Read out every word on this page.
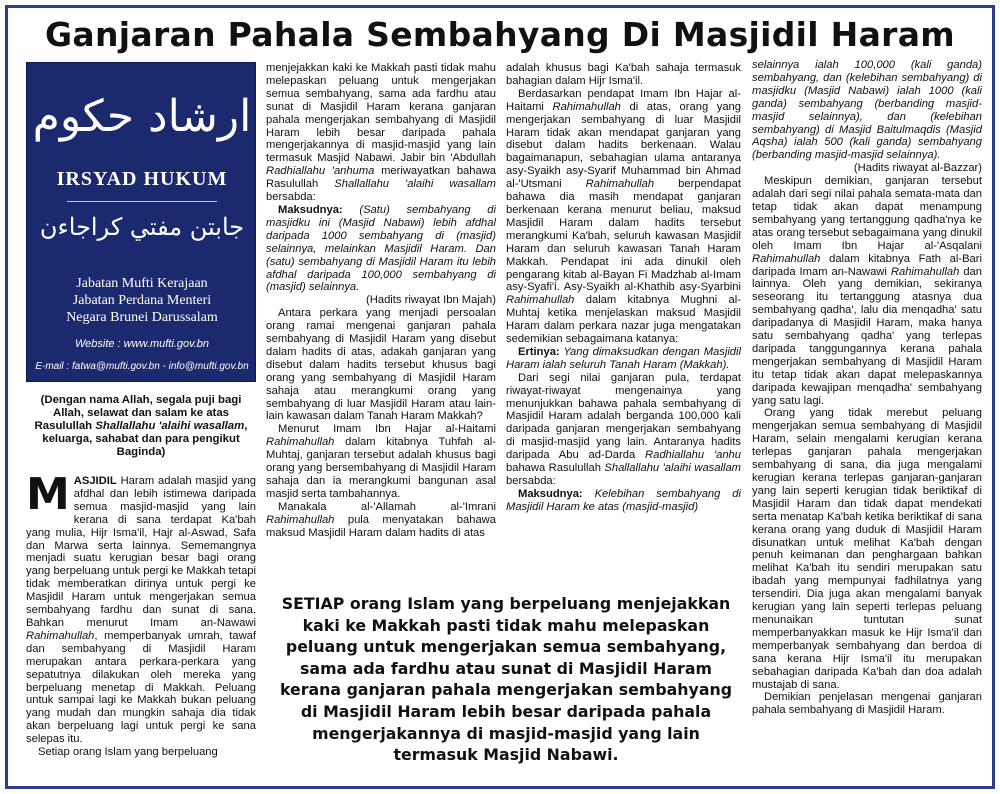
Ganjaran Pahala Sembahyang Di Masjidil Haram
ارشاد حكوم
IRSYAD HUKUM
جابتن مفتي كراجاءن
Jabatan Mufti Kerajaan
Jabatan Perdana Menteri
Negara Brunei Darussalam
Website : www.mufti.gov.bn
E-mail : fatwa@mufti.gov.bn - info@mufti.gov.bn
(Dengan nama Allah, segala puji bagi Allah, selawat dan salam ke atas Rasulullah Shallallahu 'alaihi wasallam, keluarga, sahabat dan para pengikut Baginda)

MASJIDIL Haram adalah masjid yang afdhal dan lebih istimewa daripada semua masjid-masjid yang lain kerana di sana terdapat Ka'bah yang mulia, Hijr Isma'il, Hajr al-Aswad, Safa dan Marwa serta lainnya. Sememangnya menjadi suatu kerugian besar bagi orang yang berpeluang untuk pergi ke Makkah tetapi tidak memberatkan dirinya untuk pergi ke Masjidil Haram untuk mengerjakan semua sembahyang fardhu dan sunat di sana. Bahkan menurut Imam an-Nawawi Rahimahullah, memperbanyak umrah, tawaf dan sembahyang di Masjidil Haram merupakan antara perkara-perkara yang sepatutnya dilakukan oleh mereka yang berpeluang menetap di Makkah. Peluang untuk sampai lagi ke Makkah bukan peluang yang mudah dan mungkin sahaja dia tidak akan berpeluang lagi untuk pergi ke sana selepas itu.

Setiap orang Islam yang berpeluang

menjejakkan kaki ke Makkah pasti tidak mahu melepaskan peluang untuk mengerjakan semua sembahyang, sama ada fardhu atau sunat di Masjidil Haram kerana ganjaran pahala mengerjakan sembahyang di Masjidil Haram lebih besar daripada pahala mengerjakannya di masjid-masjid yang lain termasuk Masjid Nabawi. Jabir bin 'Abdullah Radhiallahu 'anhuma meriwayatkan bahawa Rasulullah Shallallahu 'alaihi wasallam bersabda:

Maksudnya: (Satu) sembahyang di masjidku ini (Masjid Nabawi) lebih afdhal daripada 1000 sembahyang di (masjid) selainnya, melainkan Masjidil Haram. Dan (satu) sembahyang di Masjidil Haram itu lebih afdhal daripada 100,000 sembahyang di (masjid) selainnya.

(Hadits riwayat Ibn Majah)

Antara perkara yang menjadi persoalan orang ramai mengenai ganjaran pahala sembahyang di Masjidil Haram yang disebut dalam hadits di atas, adakah ganjaran yang disebut dalam hadits tersebut khusus bagi orang yang sembahyang di Masjidil Haram sahaja atau merangkumi orang yang sembahyang di luar Masjidil Haram atau lain-lain kawasan dalam Tanah Haram Makkah?

Menurut Imam Ibn Hajar al-Haitami Rahimahullah dalam kitabnya Tuhfah al-Muhtaj, ganjaran tersebut adalah khusus bagi orang yang bersembahyang di Masjidil Haram sahaja dan ia merangkumi bangunan asal masjid serta tambahannya.

Manakala al-'Allamah al-'Imrani Rahimahullah pula menyatakan bahawa maksud Masjidil Haram dalam hadits di atas

adalah khusus bagi Ka'bah sahaja termasuk bahagian dalam Hijr Isma'il.

Berdasarkan pendapat Imam Ibn Hajar al-Haitami Rahimahullah di atas, orang yang mengerjakan sembahyang di luar Masjidil Haram tidak akan mendapat ganjaran yang disebut dalam hadits berkenaan. Walau bagaimanapun, sebahagian ulama antaranya asy-Syaikh asy-Syarif Muhammad bin Ahmad al-'Utsmani Rahimahullah berpendapat bahawa dia masih mendapat ganjaran berkenaan kerana menurut beliau, maksud Masjidil Haram dalam hadits tersebut merangkumi Ka'bah, seluruh kawasan Masjidil Haram dan seluruh kawasan Tanah Haram Makkah. Pendapat ini ada dinukil oleh pengarang kitab al-Bayan Fi Madzhab al-Imam asy-Syafi'i. Asy-Syaikh al-Khathib asy-Syarbini Rahimahullah dalam kitabnya Mughni al-Muhtaj ketika menjelaskan maksud Masjidil Haram dalam perkara nazar juga mengatakan sedemikian sebagaimana katanya:

Ertinya: Yang dimaksudkan dengan Masjidil Haram ialah seluruh Tanah Haram (Makkah).

Dari segi nilai ganjaran pula, terdapat riwayat-riwayat mengenainya yang menunjukkan bahawa pahala sembahyang di Masjidil Haram adalah berganda 100,000 kali daripada ganjaran mengerjakan sembahyang di masjid-masjid yang lain. Antaranya hadits daripada Abu ad-Darda Radhiallahu 'anhu bahawa Rasulullah Shallallahu 'alaihi wasallam bersabda:

Maksudnya: Kelebihan sembahyang di Masjidil Haram ke atas (masjid-masjid)

selainnya ialah 100,000 (kali ganda) sembahyang, dan (kelebihan sembahyang) di masjidku (Masjid Nabawi) ialah 1000 (kali ganda) sembahyang (berbanding masjid-masjid selainnya), dan (kelebihan sembahyang) di Masjid Baitulmaqdis (Masjid Aqsha) ialah 500 (kali ganda) sembahyang (berbanding masjid-masjid selainnya).

(Hadits riwayat al-Bazzar)

Meskipun demikian, ganjaran tersebut adalah dari segi nilai pahala semata-mata dan tetap tidak akan dapat menampung sembahyang yang tertanggung qadha'nya ke atas orang tersebut sebagaimana yang dinukil oleh Imam Ibn Hajar al-'Asqalani Rahimahullah dalam kitabnya Fath al-Bari daripada Imam an-Nawawi Rahimahullah dan lainnya. Oleh yang demikian, sekiranya seseorang itu tertanggung atasnya dua sembahyang qadha', lalu dia menqadha' satu daripadanya di Masjidil Haram, maka hanya satu sembahyang qadha' yang terlepas daripada tanggungannya kerana pahala mengerjakan sembahyang di Masjidil Haram itu tetap tidak akan dapat melepaskannya daripada kewajipan menqadha' sembahyang yang satu lagi.

Orang yang tidak merebut peluang mengerjakan semua sembahyang di Masjidil Haram, selain mengalami kerugian kerana terlepas ganjaran pahala mengerjakan sembahyang di sana, dia juga mengalami kerugian kerana terlepas ganjaran-ganjaran yang lain seperti kerugian tidak beriktikaf di Masjidil Haram dan tidak dapat mendekati serta menatap Ka'bah ketika beriktikaf di sana kerana orang yang duduk di Masjidil Haram disunatkan untuk melihat Ka'bah dengan penuh keimanan dan penghargaan bahkan melihat Ka'bah itu sendiri merupakan satu ibadah yang mempunyai fadhilatnya yang tersendiri. Dia juga akan mengalami banyak kerugian yang lain seperti terlepas peluang menunaikan tuntutan sunat memperbanyakkan masuk ke Hijr Isma'il dan memperbanyak sembahyang dan berdoa di sana kerana Hijr Isma'il itu merupakan sebahagian daripada Ka'bah dan doa adalah mustajab di sana.

Demikian penjelasan mengenai ganjaran pahala sembahyang di Masjidil Haram.

SETIAP orang Islam yang berpeluang menjejakkan kaki ke Makkah pasti tidak mahu melepaskan peluang untuk mengerjakan semua sembahyang, sama ada fardhu atau sunat di Masjidil Haram kerana ganjaran pahala mengerjakan sembahyang di Masjidil Haram lebih besar daripada pahala mengerjakannya di masjid-masjid yang lain termasuk Masjid Nabawi.
